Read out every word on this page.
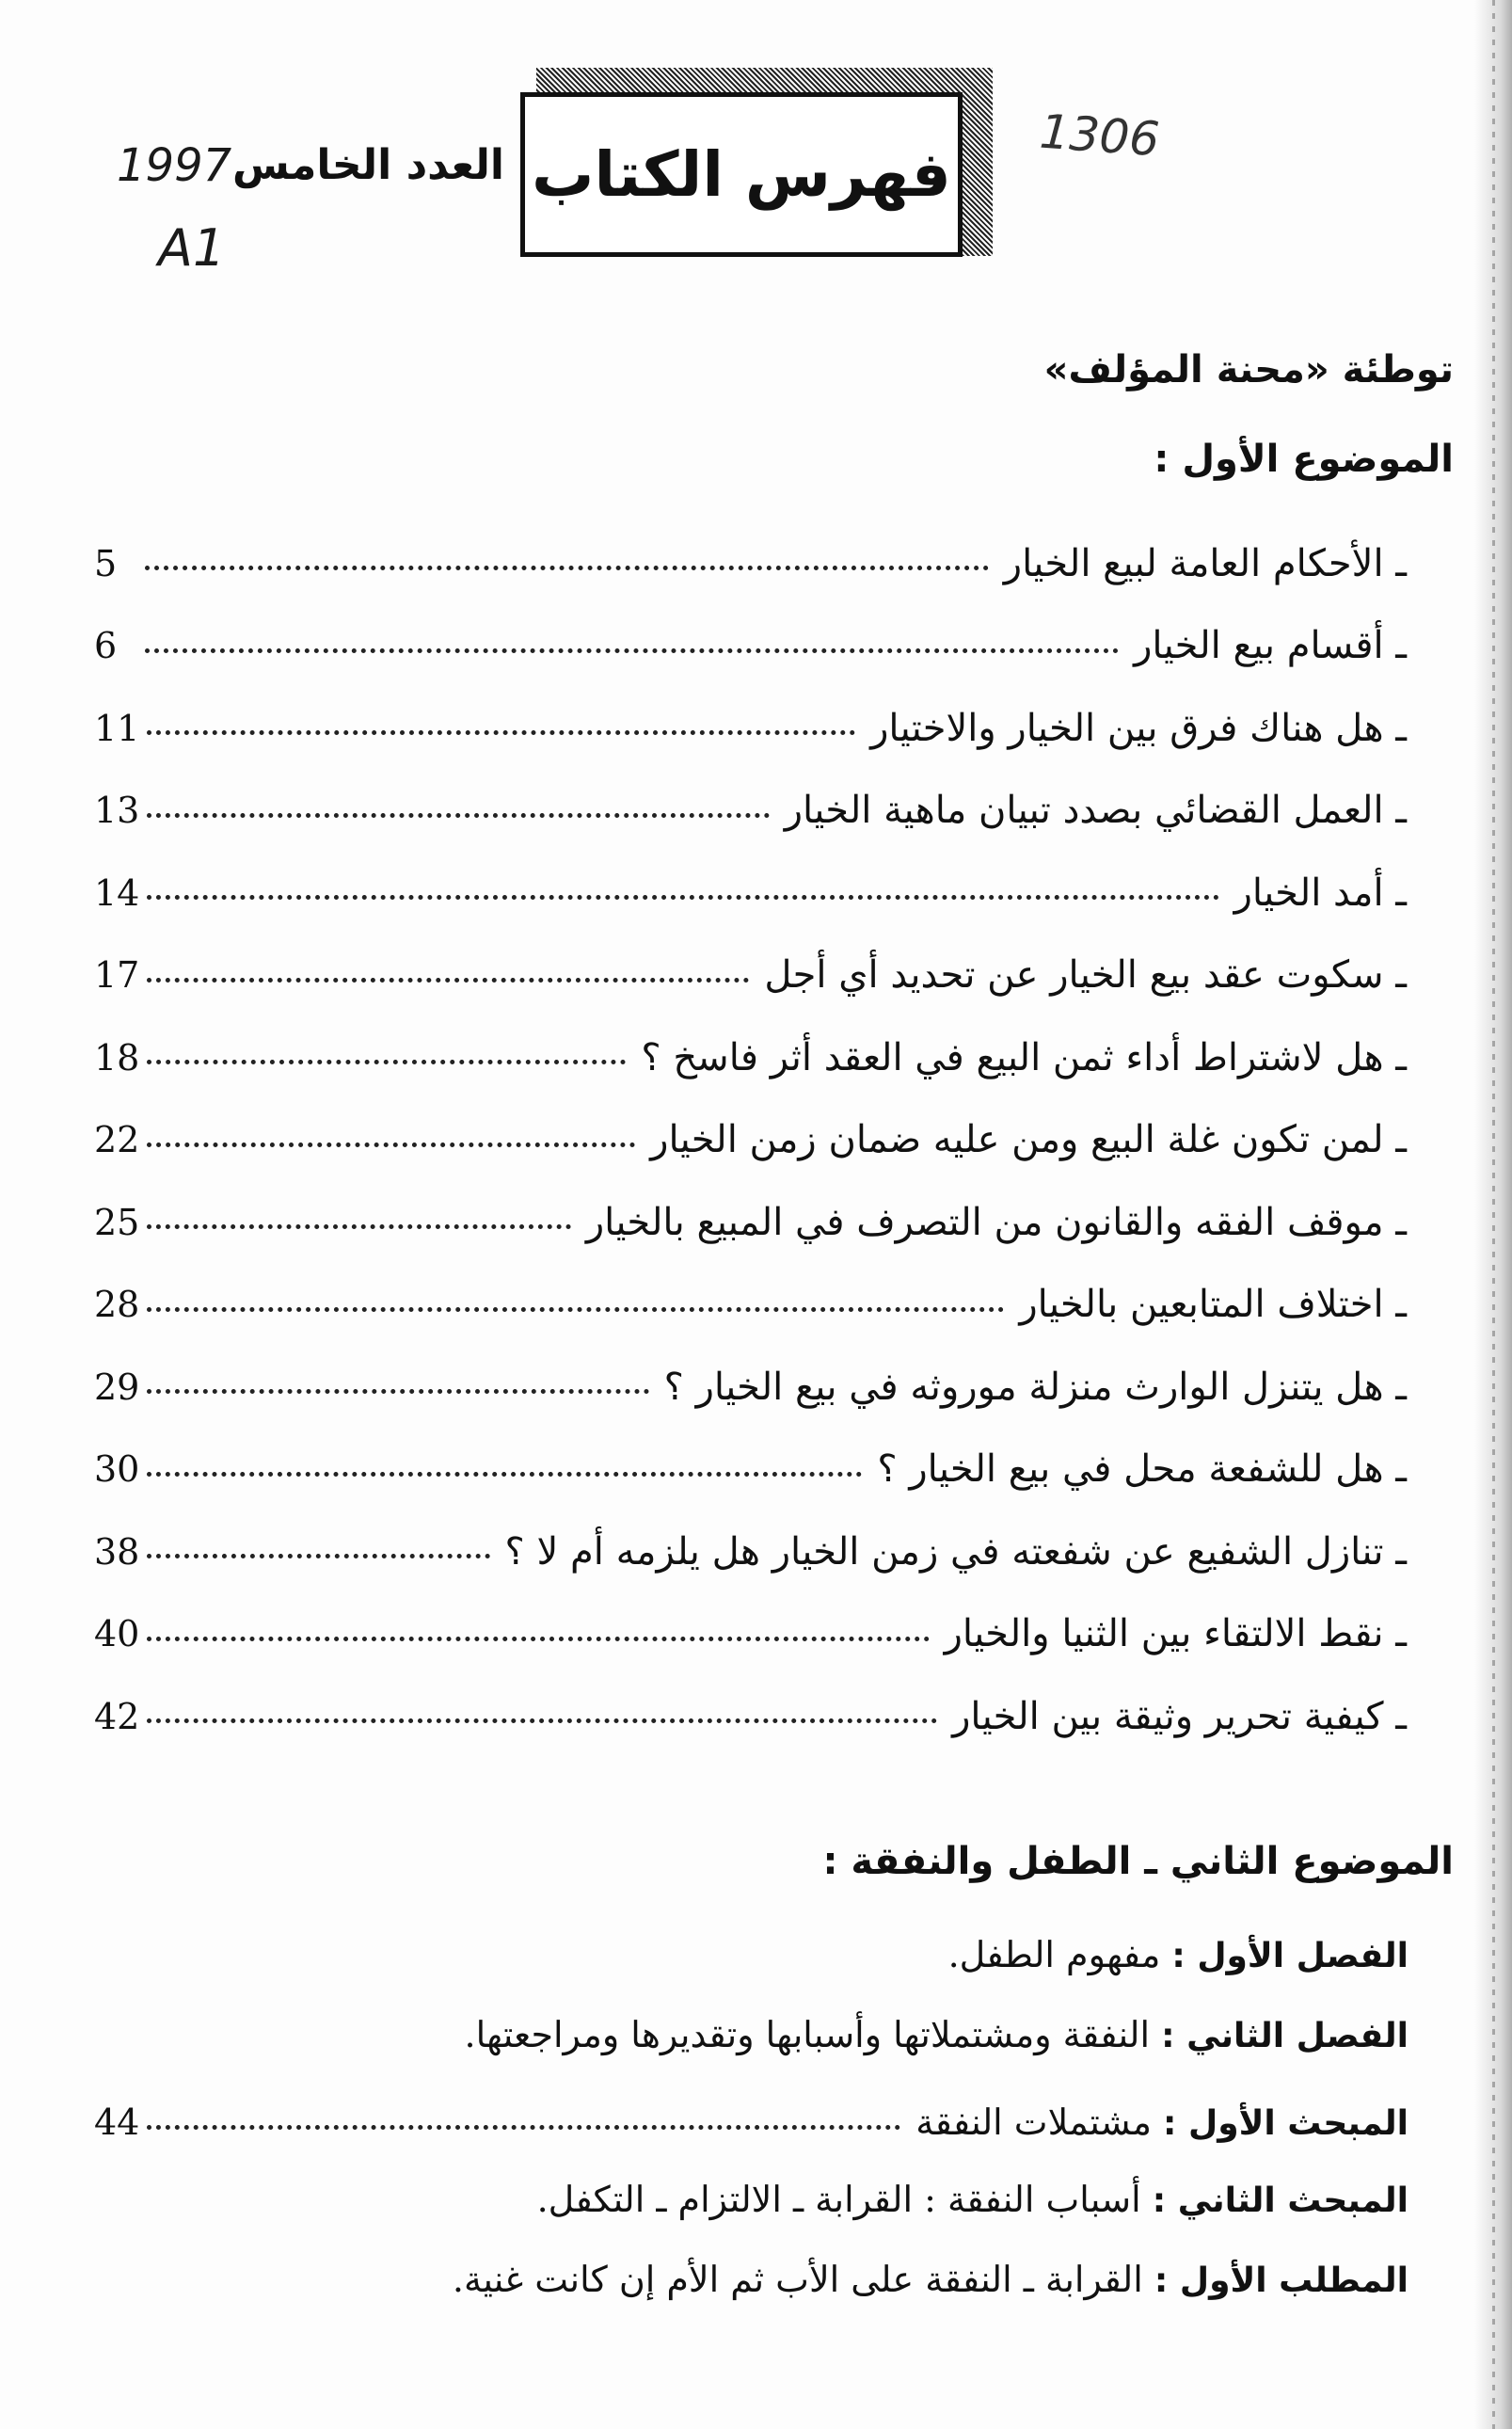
فهرس الكتاب
العدد الخامس
1997
A1
1306
توطئة «محنة المؤلف»
الموضوع الأول :
ـ الأحكام العامة لبيع الخيار
5
ـ أقسام بيع الخيار
6
ـ هل هناك فرق بين الخيار والاختيار
11
ـ العمل القضائي بصدد تبيان ماهية الخيار
13
ـ أمد الخيار
14
ـ سكوت عقد بيع الخيار عن تحديد أي أجل
17
ـ هل لاشتراط أداء ثمن البيع في العقد أثر فاسخ ؟
18
ـ لمن تكون غلة البيع ومن عليه ضمان زمن الخيار
22
ـ موقف الفقه والقانون من التصرف في المبيع بالخيار
25
ـ اختلاف المتابعين بالخيار
28
ـ هل يتنزل الوارث منزلة موروثه في بيع الخيار ؟
29
ـ هل للشفعة محل في بيع الخيار ؟
30
ـ تنازل الشفيع عن شفعته في زمن الخيار هل يلزمه أم لا ؟
38
ـ نقط الالتقاء بين الثنيا والخيار
40
ـ كيفية تحرير وثيقة بين الخيار
42
الموضوع الثاني ـ الطفل والنفقة :
الفصل الأول : مفهوم الطفل.
الفصل الثاني : النفقة ومشتملاتها وأسبابها وتقديرها ومراجعتها.
المبحث الأول : مشتملات النفقة
44
المبحث الثاني : أسباب النفقة : القرابة ـ الالتزام ـ التكفل.
المطلب الأول : القرابة ـ النفقة على الأب ثم الأم إن كانت غنية.
